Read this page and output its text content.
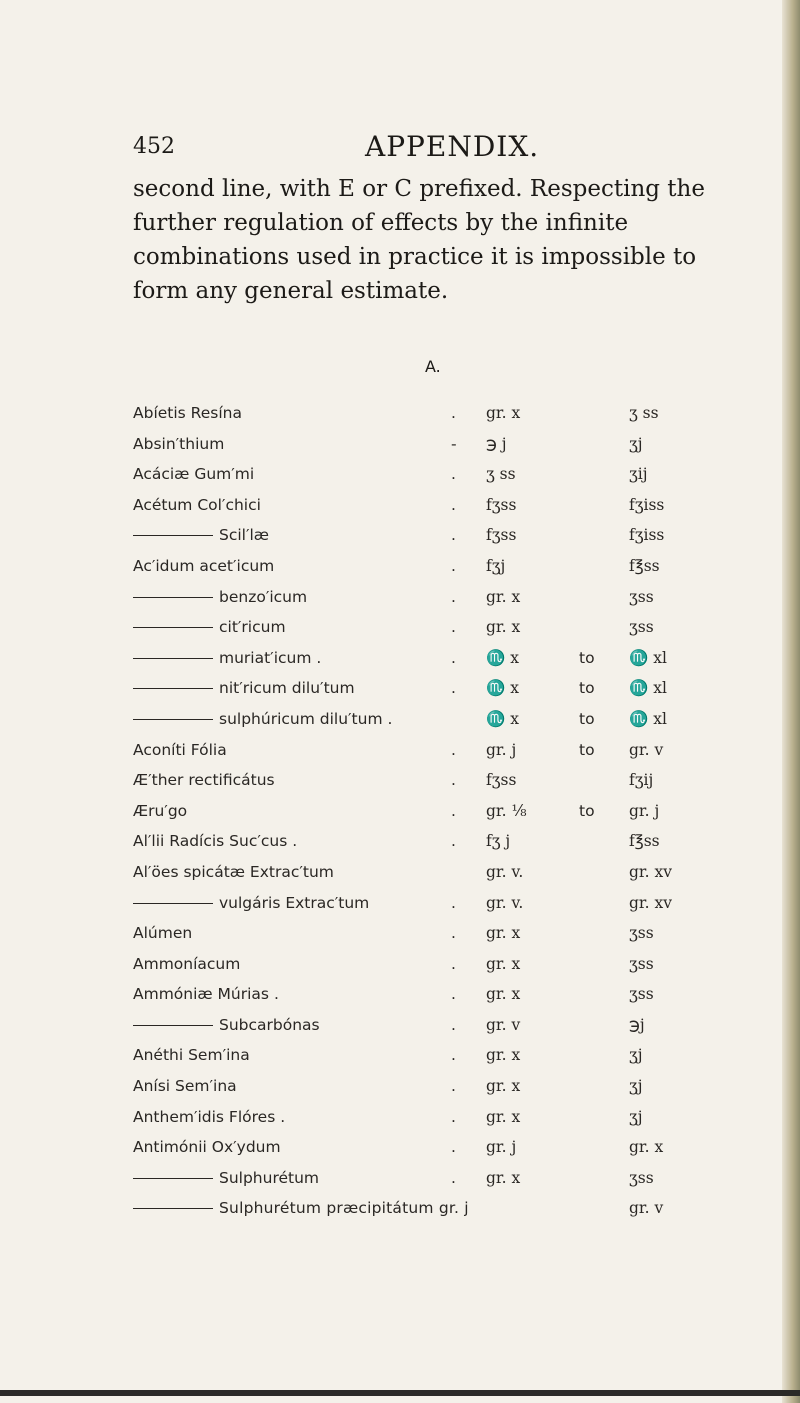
452	APPENDIX.
second line, with E or C prefixed. Respecting the further regulation of effects by the infinite combinations used in practice it is impossible to form any general estimate.
A.
Abíetis Resína	. gr. x	ʒ ss
Absin′thium	- ℈ j	ʒj
Acáciæ Gum′mi	. ʒ ss	ʒij
Acétum Col′chici	. fʒss	fʒiss
Scil′læ	. fʒss	fʒiss
Ac′idum acet′icum	. fʒj	f℥ss
benzo′icum	. gr. x	ʒss
cit′ricum	. gr. x	ʒss
muriat′icum .	. ♏ x	to ♏ xl
nit′ricum dilu′tum	. ♏ x	to ♏ xl
sulphúricum dilu′tum .	♏ x	to ♏ xl
Aconíti Fólia	. gr. j	to gr. v
Æ′ther rectificátus	. fʒss	fʒij
Æru′go	. gr. ⅛	to gr. j
Al′lii Radícis Suc′cus .	. fʒ j	f℥ss
Al′öes spicátæ Extrac′tum	gr. v.	gr. xv
vulgáris Extrac′tum	. gr. v.	gr. xv
Alúmen	. gr. x	ʒss
Ammoníacum	. gr. x	ʒss
Ammóniæ Múrias .	. gr. x	ʒss
Subcarbónas	. gr. v	℈j
Anéthi Sem′ina	. gr. x	ʒj
Anísi Sem′ina	. gr. x	ʒj
Anthem′idis Flóres .	. gr. x	ʒj
Antimónii Ox′ydum	. gr. j	gr. x
Sulphurétum	. gr. x	ʒss
Sulphurétum præcipitátum gr. j	gr. v
